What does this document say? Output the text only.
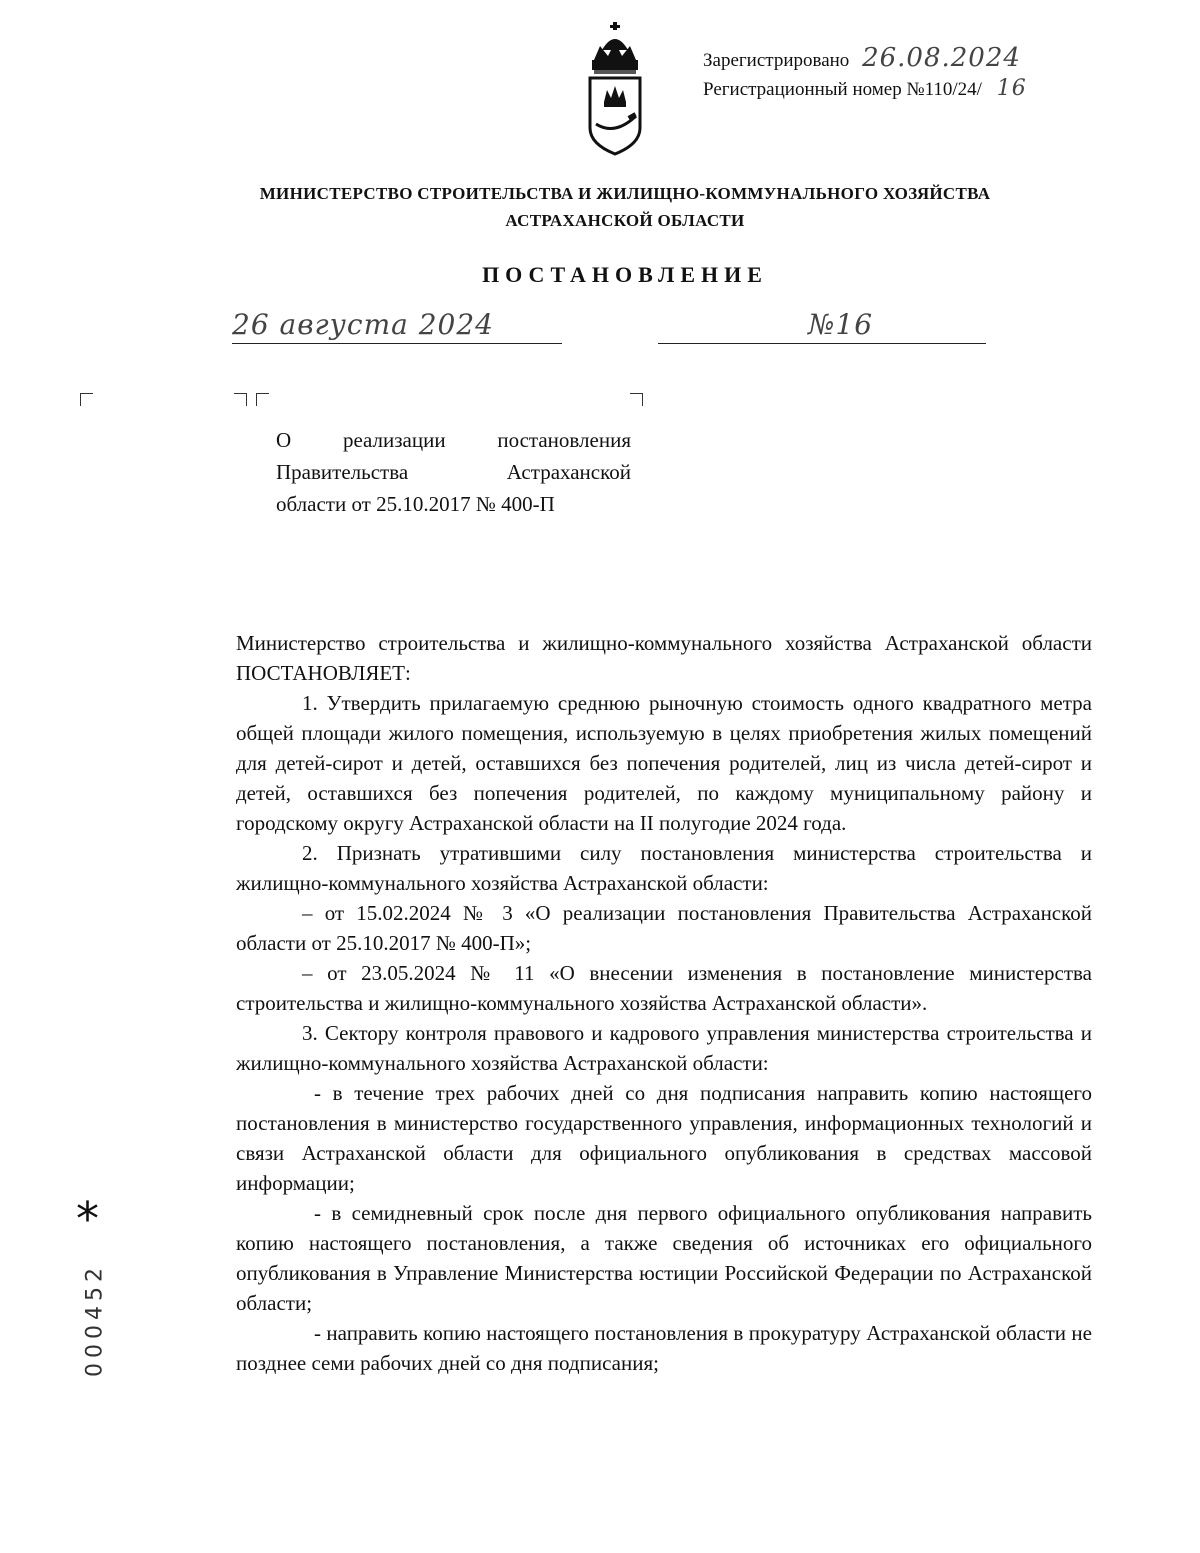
Зарегистрировано 26.08.2024
Регистрационный номер №110/24/ 16
МИНИСТЕРСТВО СТРОИТЕЛЬСТВА И ЖИЛИЩНО-КОММУНАЛЬНОГО ХОЗЯЙСТВА
АСТРАХАНСКОЙ ОБЛАСТИ
ПОСТАНОВЛЕНИЕ
26 августа 2024	№16
О реализации постановления
Правительства Астраханской
области от 25.10.2017 № 400-П

Министерство строительства и жилищно-коммунального хозяйства Астраханской области ПОСТАНОВЛЯЕТ:

1. Утвердить прилагаемую среднюю рыночную стоимость одного квадратного метра общей площади жилого помещения, используемую в целях приобретения жилых помещений для детей-сирот и детей, оставшихся без попечения родителей, лиц из числа детей-сирот и детей, оставшихся без попечения родителей, по каждому муниципальному району и городскому округу Астраханской области на II полугодие 2024 года.

2. Признать утратившими силу постановления министерства строительства и жилищно-коммунального хозяйства Астраханской области:

– от 15.02.2024 № 3 «О реализации постановления Правительства Астраханской области от 25.10.2017 № 400-П»;

– от 23.05.2024 № 11 «О внесении изменения в постановление министерства строительства и жилищно-коммунального хозяйства Астраханской области».

3. Сектору контроля правового и кадрового управления министерства строительства и жилищно-коммунального хозяйства Астраханской области:

- в течение трех рабочих дней со дня подписания направить копию настоящего постановления в министерство государственного управления, информационных технологий и связи Астраханской области для официального опубликования в средствах массовой информации;

- в семидневный срок после дня первого официального опубликования направить копию настоящего постановления, а также сведения об источниках его официального опубликования в Управление Министерства юстиции Российской Федерации по Астраханской области;

- направить копию настоящего постановления в прокуратуру Астраханской области не позднее семи рабочих дней со дня подписания;

*
000452
